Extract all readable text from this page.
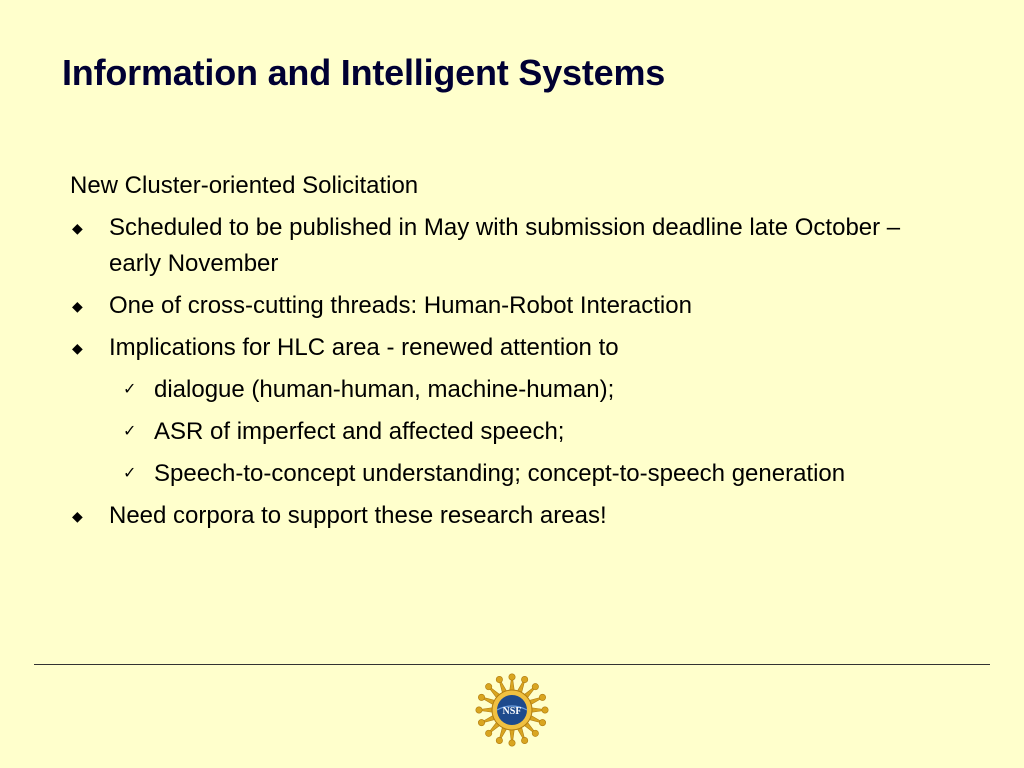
Information and Intelligent Systems

New Cluster-oriented Solicitation

◆ Scheduled to be published in May with submission deadline late October – early November
◆ One of cross-cutting threads: Human-Robot Interaction
◆ Implications for HLC area - renewed attention to
✓ dialogue (human-human, machine-human);
✓ ASR of imperfect and affected speech;
✓ Speech-to-concept understanding; concept-to-speech generation
◆ Need corpora to support these research areas!
NSF
